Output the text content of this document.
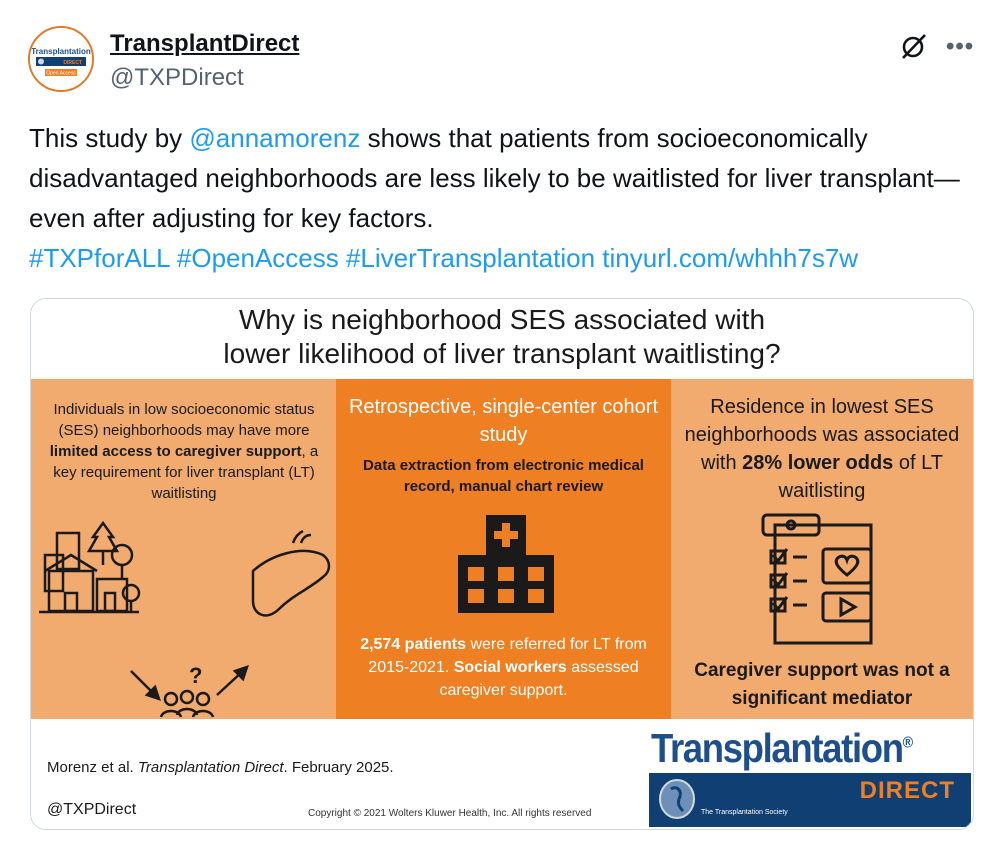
Transplantation
DIRECT
Open Access
TransplantDirect
@TXPDirect
•••
This study by @annamorenz shows that patients from socioeconomically disadvantaged neighborhoods are less likely to be waitlisted for liver transplant—even after adjusting for key factors.
#TXPforALL #OpenAccess #LiverTransplantation tinyurl.com/whhh7s7w
Why is neighborhood SES associated with
lower likelihood of liver transplant waitlisting?
Individuals in low socioeconomic status (SES) neighborhoods may have more limited access to caregiver support, a key requirement for liver transplant (LT) waitlisting
?
Retrospective, single-center cohort study
Data extraction from electronic medical record, manual chart review
2,574 patients were referred for LT from 2015-2021. Social workers assessed caregiver support.
Residence in lowest SES neighborhoods was associated with 28% lower odds of LT waitlisting
Caregiver support was not a significant mediator
Morenz et al. Transplantation Direct. February 2025.
@TXPDirect	Copyright © 2021 Wolters Kluwer Health, Inc. All rights reserved
Transplantation®
DIRECT
The Transplantation Society
